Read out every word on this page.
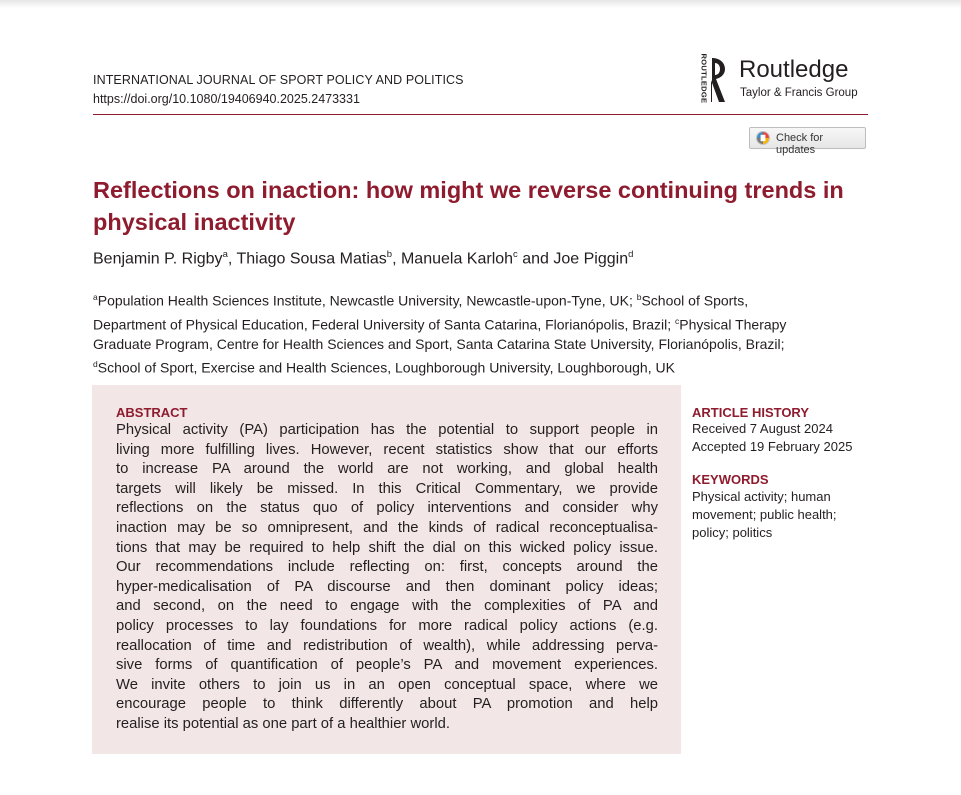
INTERNATIONAL JOURNAL OF SPORT POLICY AND POLITICS
https://doi.org/10.1080/19406940.2025.2473331	ROUTLEDGE Routledge
Taylor & Francis Group
Check for updates
Reflections on inaction: how might we reverse continuing trends in physical inactivity
Benjamin P. Rigby$^a$, Thiago Sousa Matias$^b$, Manuela Karloh$^c$ and Joe Piggin$^d$
$^a$Population Health Sciences Institute, Newcastle University, Newcastle-upon-Tyne, UK; $^b$School of Sports,
Department of Physical Education, Federal University of Santa Catarina, Florianópolis, Brazil; $^c$Physical Therapy
Graduate Program, Centre for Health Sciences and Sport, Santa Catarina State University, Florianópolis, Brazil;
$^d$School of Sport, Exercise and Health Sciences, Loughborough University, Loughborough, UK
ABSTRACT
Physical activity (PA) participation has the potential to support people in
living more fulfilling lives. However, recent statistics show that our efforts
to increase PA around the world are not working, and global health
targets will likely be missed. In this Critical Commentary, we provide
reflections on the status quo of policy interventions and consider why
inaction may be so omnipresent, and the kinds of radical reconceptualisa-
tions that may be required to help shift the dial on this wicked policy issue.
Our recommendations include reflecting on: first, concepts around the
hyper-medicalisation of PA discourse and then dominant policy ideas;
and second, on the need to engage with the complexities of PA and
policy processes to lay foundations for more radical policy actions (e.g.
reallocation of time and redistribution of wealth), while addressing perva-
sive forms of quantification of people’s PA and movement experiences.
We invite others to join us in an open conceptual space, where we
encourage people to think differently about PA promotion and help
realise its potential as one part of a healthier world.
ARTICLE HISTORY
Received 7 August 2024
Accepted 19 February 2025
KEYWORDS
Physical activity; human
movement; public health;
policy; politics
